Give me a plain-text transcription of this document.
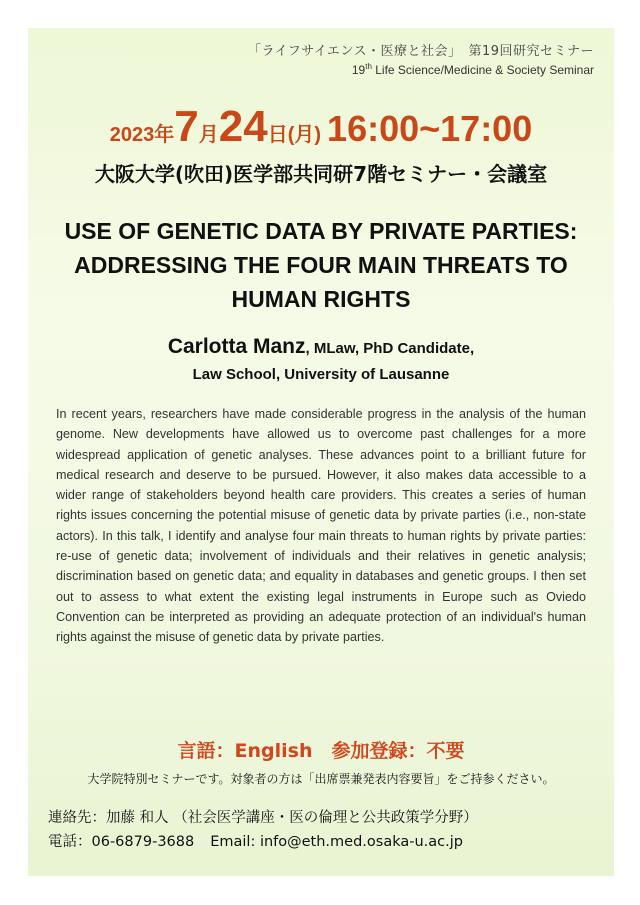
「ライフサイエンス・医療と社会」　第19回研究セミナー
19th Life Science/Medicine & Society Seminar
2023年7月24日(月) 16:00~17:00
大阪大学(吹田)医学部共同研7階セミナー・会議室
USE OF GENETIC DATA BY PRIVATE PARTIES:
ADDRESSING THE FOUR MAIN THREATS TO
HUMAN RIGHTS
Carlotta Manz, MLaw, PhD Candidate,
Law School, University of Lausanne
In recent years, researchers have made considerable progress in the analysis of the human genome. New developments have allowed us to overcome past challenges for a more widespread application of genetic analyses. These advances point to a brilliant future for medical research and deserve to be pursued. However, it also makes data accessible to a wider range of stakeholders beyond health care providers. This creates a series of human rights issues concerning the potential misuse of genetic data by private parties (i.e., non-state actors). In this talk, I identify and analyse four main threats to human rights by private parties: re-use of genetic data; involvement of individuals and their relatives in genetic analysis; discrimination based on genetic data; and equality in databases and genetic groups. I then set out to assess to what extent the existing legal instruments in Europe such as Oviedo Convention can be interpreted as providing an adequate protection of an individual's human rights against the misuse of genetic data by private parties.
言語：English　参加登録：不要
大学院特別セミナーです。対象者の方は「出席票兼発表内容要旨」をご持参ください。
連絡先：加藤 和人 （社会医学講座・医の倫理と公共政策学分野）
電話：06-6879-3688 Email: info@eth.med.osaka-u.ac.jp
